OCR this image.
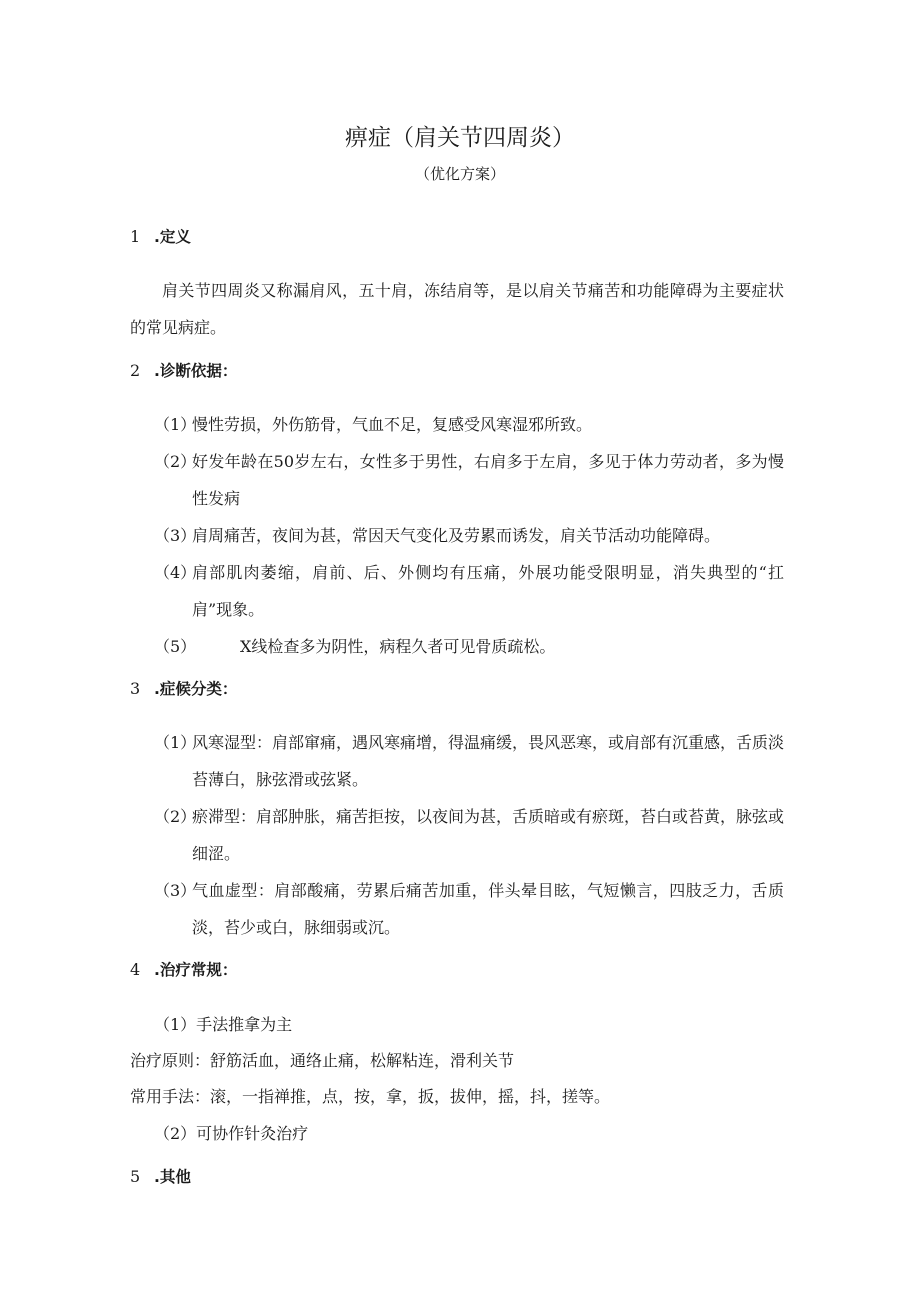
痹症（肩关节四周炎）
（优化方案）
1 .定义
肩关节四周炎又称漏肩风，五十肩，冻结肩等，是以肩关节痛苦和功能障碍为主要症状的常见病症。
2 .诊断依据：
（1）
慢性劳损，外伤筋骨，气血不足，复感受风寒湿邪所致。
（2）
好发年龄在50岁左右，女性多于男性，右肩多于左肩，多见于体力劳动者，多为慢性发病
（3）
肩周痛苦，夜间为甚，常因天气变化及劳累而诱发，肩关节活动功能障碍。
（4）
肩部肌肉萎缩，肩前、后、外侧均有压痛，外展功能受限明显，消失典型的“扛肩”现象。
（5）	X线检查多为阴性，病程久者可见骨质疏松。
3 .症候分类：
（1）
风寒湿型：肩部窜痛，遇风寒痛增，得温痛缓，畏风恶寒，或肩部有沉重感，舌质淡苔薄白，脉弦滑或弦紧。
（2）
瘀滞型：肩部肿胀，痛苦拒按，以夜间为甚，舌质暗或有瘀斑，苔白或苔黄，脉弦或细涩。
（3）
气血虚型：肩部酸痛，劳累后痛苦加重，伴头晕目眩，气短懒言，四肢乏力，舌质淡，苔少或白，脉细弱或沉。
4 .治疗常规：
（1）手法推拿为主
治疗原则：舒筋活血，通络止痛，松解粘连，滑利关节
常用手法：滚，一指禅推，点，按，拿，扳，拔伸，摇，抖，搓等。
（2）可协作针灸治疗
5 .其他
